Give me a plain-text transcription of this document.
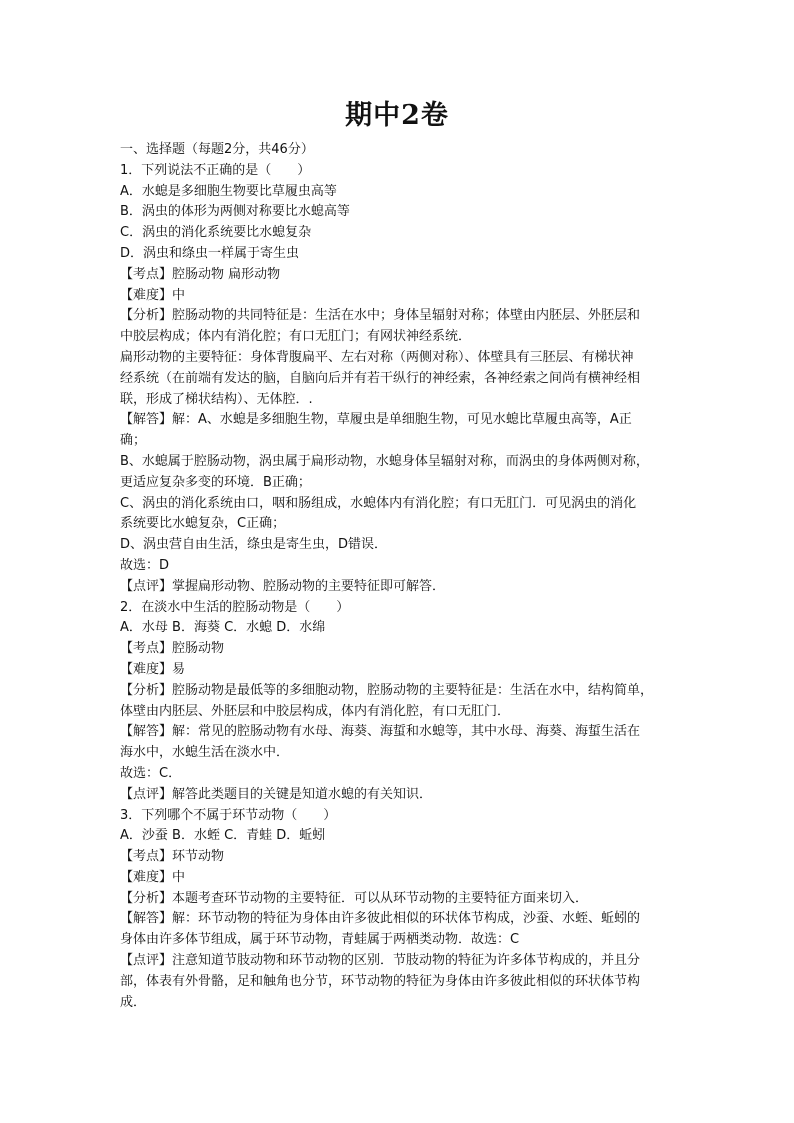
期中2卷
一、选择题（每题2分，共46分）
1．下列说法不正确的是（　　）
A．水螅是多细胞生物要比草履虫高等
B．涡虫的体形为两侧对称要比水螅高等
C．涡虫的消化系统要比水螅复杂
D．涡虫和绦虫一样属于寄生虫
【考点】腔肠动物 扁形动物
【难度】中
【分析】腔肠动物的共同特征是：生活在水中；身体呈辐射对称；体壁由内胚层、外胚层和
中胶层构成；体内有消化腔；有口无肛门；有网状神经系统．
扁形动物的主要特征：身体背腹扁平、左右对称（两侧对称）、体壁具有三胚层、有梯状神
经系统（在前端有发达的脑，自脑向后并有若干纵行的神经索，各神经索之间尚有横神经相
联，形成了梯状结构）、无体腔．.
【解答】解：A、水螅是多细胞生物，草履虫是单细胞生物，可见水螅比草履虫高等，A正
确；
B、水螅属于腔肠动物，涡虫属于扁形动物，水螅身体呈辐射对称，而涡虫的身体两侧对称，
更适应复杂多变的环境．B正确；
C、涡虫的消化系统由口，咽和肠组成，水螅体内有消化腔；有口无肛门．可见涡虫的消化
系统要比水螅复杂，C正确；
D、涡虫营自由生活，绦虫是寄生虫，D错误．
故选：D
【点评】掌握扁形动物、腔肠动物的主要特征即可解答．
2．在淡水中生活的腔肠动物是（　　）
A．水母 B．海葵 C．水螅 D．水绵
【考点】腔肠动物
【难度】易
【分析】腔肠动物是最低等的多细胞动物，腔肠动物的主要特征是：生活在水中，结构简单，
体壁由内胚层、外胚层和中胶层构成，体内有消化腔，有口无肛门．
【解答】解：常见的腔肠动物有水母、海葵、海蜇和水螅等，其中水母、海葵、海蜇生活在
海水中，水螅生活在淡水中．
故选：C．
【点评】解答此类题目的关键是知道水螅的有关知识．
3．下列哪个不属于环节动物（　　）
A．沙蚕 B．水蛭 C．青蛙 D．蚯蚓
【考点】环节动物
【难度】中
【分析】本题考查环节动物的主要特征．可以从环节动物的主要特征方面来切入．
【解答】解：环节动物的特征为身体由许多彼此相似的环状体节构成，沙蚕、水蛭、蚯蚓的
身体由许多体节组成，属于环节动物，青蛙属于两栖类动物．故选：C
【点评】注意知道节肢动物和环节动物的区别．节肢动物的特征为许多体节构成的，并且分
部，体表有外骨骼，足和触角也分节，环节动物的特征为身体由许多彼此相似的环状体节构
成．
